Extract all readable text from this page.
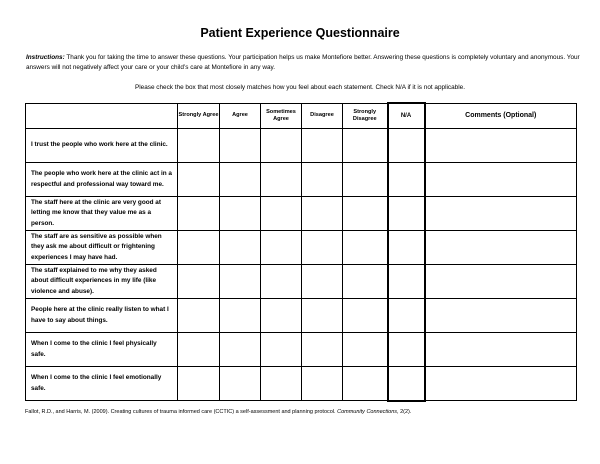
Patient Experience Questionnaire
Instructions: Thank you for taking the time to answer these questions. Your participation helps us make Montefiore better. Answering these questions is completely voluntary and anonymous. Your answers will not negatively affect your care or your child’s care at Montefiore in any way.
Please check the box that most closely matches how you feel about each statement. Check N/A if it is not applicable.
	Strongly Agree	Agree	Sometimes Agree	Disagree	Strongly Disagree	N/A	Comments (Optional)
I trust the people who work here at the clinic.							
The people who work here at the clinic act in a respectful and professional way toward me.							
The staff here at the clinic are very good at letting me know that they value me as a person.							
The staff are as sensitive as possible when they ask me about difficult or frightening experiences I may have had.							
The staff explained to me why they asked about difficult experiences in my life (like violence and abuse).							
People here at the clinic really listen to what I have to say about things.							
When I come to the clinic I feel physically safe.							
When I come to the clinic I feel emotionally safe.							
Fallot, R.D., and Harris, M. (2009). Creating cultures of trauma informed care (CCTIC) a self-assessment and planning protocol. Community Connections, 2(2).
